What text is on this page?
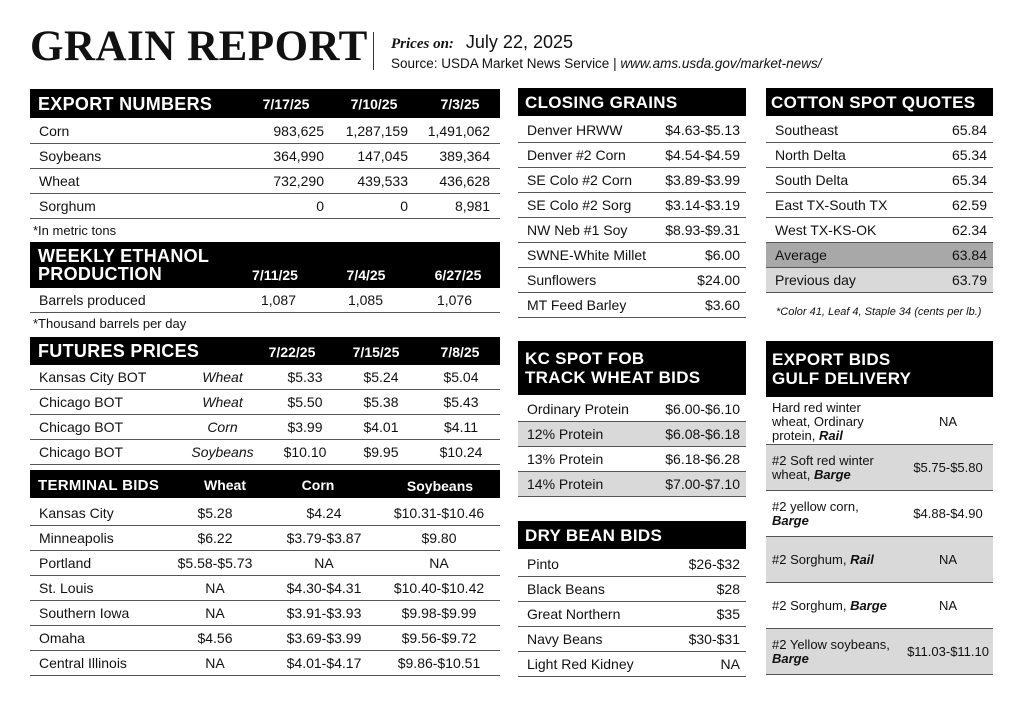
GRAIN REPORT Prices on: July 22, 2025
Source: USDA Market News Service | www.ams.usda.gov/market-news/
EXPORT NUMBERS	7/17/25	7/10/25	7/3/25
Corn	983,625	1,287,159	1,491,062
Soybeans	364,990	147,045	389,364
Wheat	732,290	439,533	436,628
Sorghum	0	0	8,981
*In metric tons
WEEKLY ETHANOL
PRODUCTION	7/11/25	7/4/25	6/27/25
Barrels produced	1,087	1,085	1,076
*Thousand barrels per day
FUTURES PRICES	7/22/25	7/15/25	7/8/25
Kansas City BOT	Wheat	$5.33	$5.24	$5.04
Chicago BOT	Wheat	$5.50	$5.38	$5.43
Chicago BOT	Corn	$3.99	$4.01	$4.11
Chicago BOT	Soybeans	$10.10	$9.95	$10.24
TERMINAL BIDS	Wheat	Corn	Soybeans
Kansas City	$5.28	$4.24	$10.31-$10.46
Minneapolis	$6.22	$3.79-$3.87	$9.80
Portland	$5.58-$5.73	NA	NA
St. Louis	NA	$4.30-$4.31	$10.40-$10.42
Southern Iowa	NA	$3.91-$3.93	$9.98-$9.99
Omaha	$4.56	$3.69-$3.99	$9.56-$9.72
Central Illinois	NA	$4.01-$4.17	$9.86-$10.51
CLOSING GRAINS
Denver HRWW	$4.63-$5.13
Denver #2 Corn	$4.54-$4.59
SE Colo #2 Corn	$3.89-$3.99
SE Colo #2 Sorg	$3.14-$3.19
NW Neb #1 Soy	$8.93-$9.31
SWNE-White Millet	$6.00
Sunflowers	$24.00
MT Feed Barley	$3.60
KC SPOT FOB
TRACK WHEAT BIDS
Ordinary Protein	$6.00-$6.10
12% Protein	$6.08-$6.18
13% Protein	$6.18-$6.28
14% Protein	$7.00-$7.10
DRY BEAN BIDS
Pinto	$26-$32
Black Beans	$28
Great Northern	$35
Navy Beans	$30-$31
Light Red Kidney	NA
COTTON SPOT QUOTES
Southeast	65.84
North Delta	65.34
South Delta	65.34
East TX-South TX	62.59
West TX-KS-OK	62.34
Average	63.84
Previous day	63.79
*Color 41, Leaf 4, Staple 34 (cents per lb.)
EXPORT BIDS
GULF DELIVERY
Hard red winter wheat, Ordinary protein, Rail	NA
#2 Soft red winter wheat, Barge	$5.75-$5.80
#2 yellow corn, Barge	$4.88-$4.90
#2 Sorghum, Rail	NA
#2 Sorghum, Barge	NA
#2 Yellow soybeans, Barge	$11.03-$11.10
